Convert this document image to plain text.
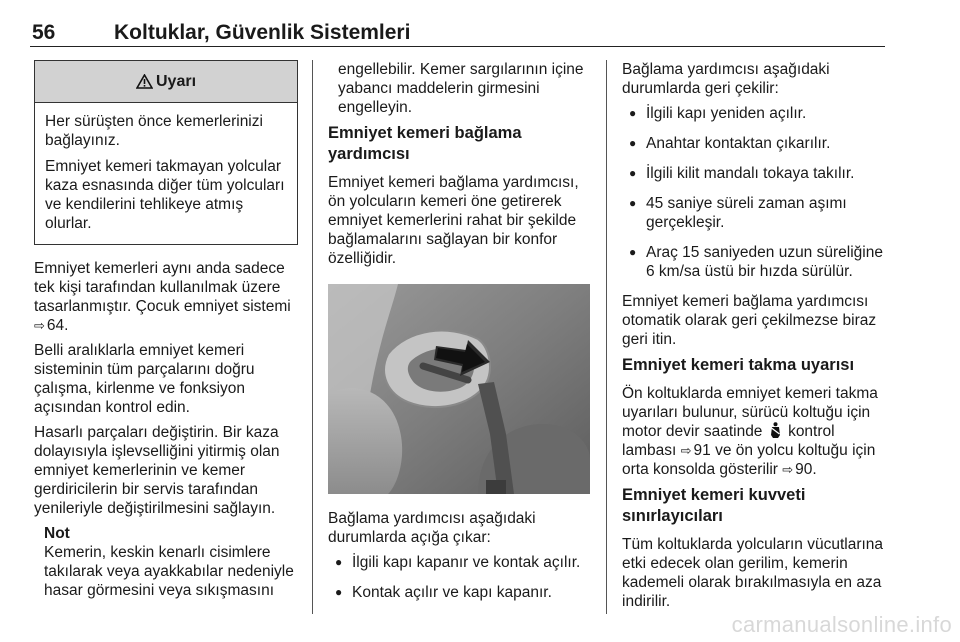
56	Koltuklar, Güvenlik Sistemleri
Uyarı

Her sürüşten önce kemerlerinizi bağlayınız.

Emniyet kemeri takmayan yolcular kaza esnasında diğer tüm yolcuları ve kendilerini tehlikeye atmış olurlar.

Emniyet kemerleri aynı anda sadece tek kişi tarafından kullanılmak üzere tasarlanmıştır. Çocuk emniyet sistemi ⇨ 64.

Belli aralıklarla emniyet kemeri sisteminin tüm parçalarını doğru çalışma, kirlenme ve fonksiyon açısından kontrol edin.

Hasarlı parçaları değiştirin. Bir kaza dolayısıyla işlevselliğini yitirmiş olan emniyet kemerlerinin ve kemer gerdiricilerin bir servis tarafından yenileriyle değiştirilmesini sağlayın.

Not

Kemerin, keskin kenarlı cisimlere takılarak veya ayakkabılar nedeniyle hasar görmesini veya sıkışmasını

engellebilir. Kemer sargılarının içine yabancı maddelerin girmesini engelleyin.

Emniyet kemeri bağlama yardımcısı

Emniyet kemeri bağlama yardımcısı, ön yolcuların kemeri öne getirerek emniyet kemerlerini rahat bir şekilde bağlamalarını sağlayan bir konfor özelliğidir.

Bağlama yardımcısı aşağıdaki durumlarda açığa çıkar:

● İlgili kapı kapanır ve kontak açılır.
● Kontak açılır ve kapı kapanır.

Bağlama yardımcısı aşağıdaki durumlarda geri çekilir:

● İlgili kapı yeniden açılır.
● Anahtar kontaktan çıkarılır.
● İlgili kilit mandalı tokaya takılır.
● 45 saniye süreli zaman aşımı gerçekleşir.
● Araç 15 saniyeden uzun süreliğine 6 km/sa üstü bir hızda sürülür.

Emniyet kemeri bağlama yardımcısı otomatik olarak geri çekilmezse biraz geri itin.

Emniyet kemeri takma uyarısı

Ön koltuklarda emniyet kemeri takma uyarıları bulunur, sürücü koltuğu için motor devir saatinde kontrol lambası ⇨ 91 ve ön yolcu koltuğu için orta konsolda gösterilir ⇨ 90.

Emniyet kemeri kuvveti sınırlayıcıları

Tüm koltuklarda yolcuların vücutlarına etki edecek olan gerilim, kemerin kademeli olarak bırakılmasıyla en aza indirilir.

carmanualsonline.info
